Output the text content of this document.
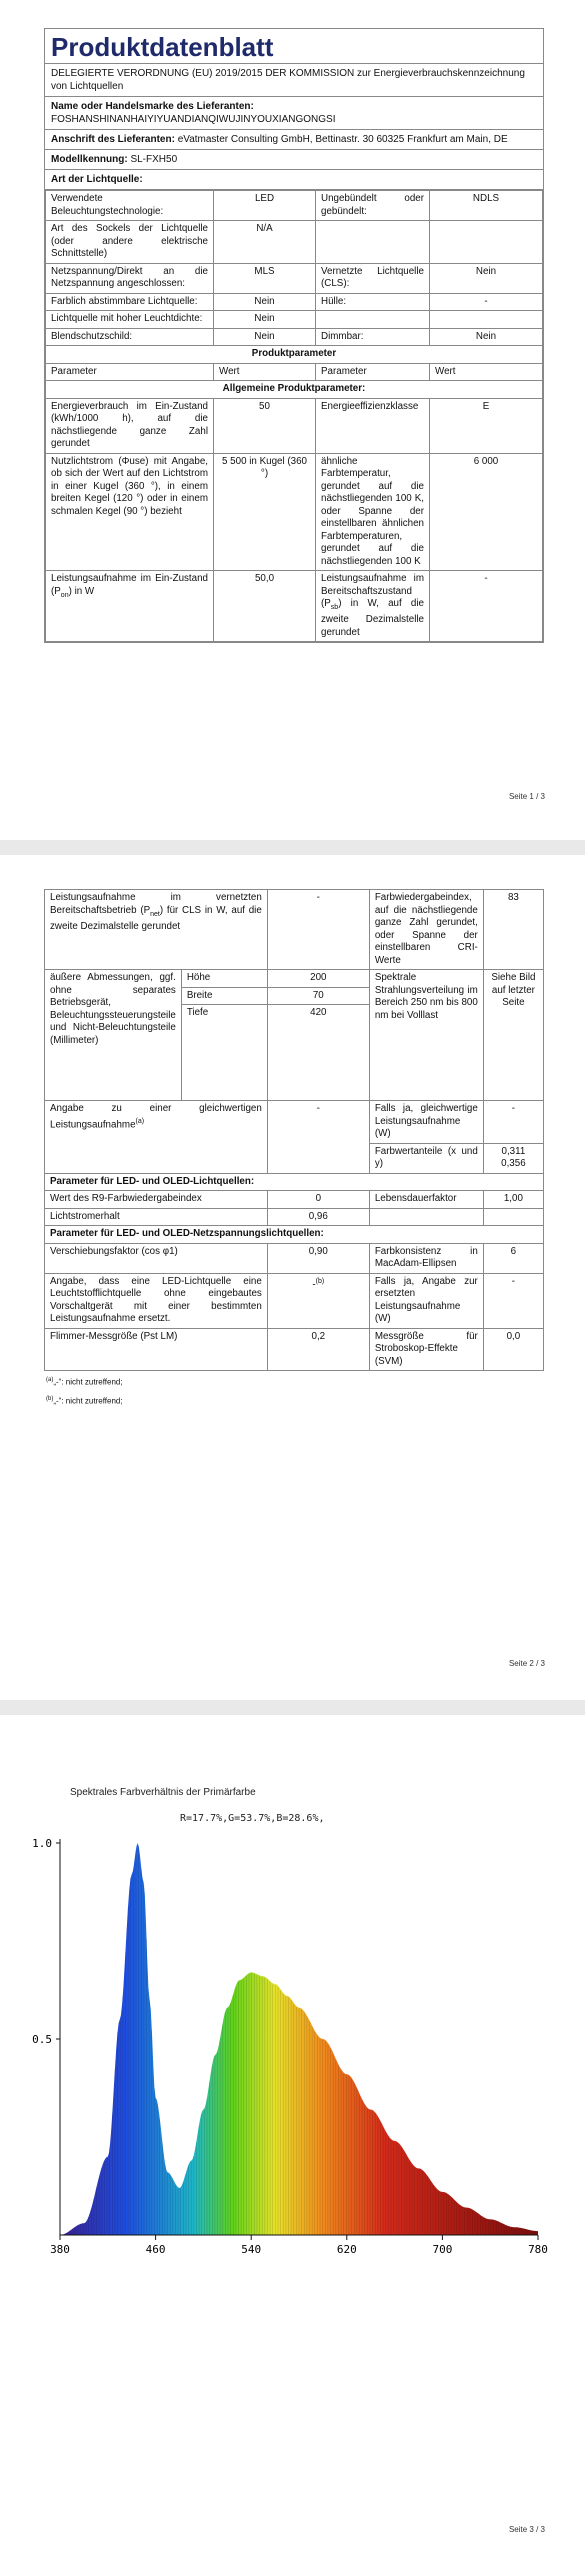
Produktdatenblatt
DELEGIERTE VERORDNUNG (EU) 2019/2015 DER KOMMISSION zur Energieverbrauchskennzeichnung von Lichtquellen
Name oder Handelsmarke des Lieferanten: FOSHANSHINANHAIYIYUANDIANQIWUJINYOUXIANGONGSI
Anschrift des Lieferanten: eVatmaster Consulting GmbH, Bettinastr. 30 60325 Frankfurt am Main, DE
Modellkennung: SL-FXH50
Art der Lichtquelle:
Verwendete Beleuchtungstechnologie:	LED	Ungebündelt oder gebündelt:	NDLS
Art des Sockels der Lichtquelle (oder andere elektrische Schnittstelle)	N/A		
Netzspannung/Direkt an die Netzspannung angeschlossen:	MLS	Vernetzte Lichtquelle (CLS):	Nein
Farblich abstimmbare Lichtquelle:	Nein	Hülle:	-
Lichtquelle mit hoher Leuchtdichte:	Nein		
Blendschutzschild:	Nein	Dimmbar:	Nein
Produktparameter			
Parameter	Wert	Parameter	Wert
Allgemeine Produktparameter:			
Energieverbrauch im Ein-Zustand (kWh/1000 h), auf die nächstliegende ganze Zahl gerundet	50	Energieeffizienzklasse	E
Nutzlichtstrom (Φuse) mit Angabe, ob sich der Wert auf den Lichtstrom in einer Kugel (360 °), in einem breiten Kegel (120 °) oder in einem schmalen Kegel (90 °) bezieht	5 500 in Kugel (360 °)	ähnliche Farbtemperatur, gerundet auf die nächstliegenden 100 K, oder Spanne der einstellbaren ähnlichen Farbtemperaturen, gerundet auf die nächstliegenden 100 K	6 000
Leistungsaufnahme im Ein-Zustand $(P_{on})$ in W	50,0	Leistungsaufnahme im Bereitschaftszustand $(P_{sb})$ in W, auf die zweite Dezimalstelle gerundet	-
Seite 1 / 3
Leistungsaufnahme im vernetzten Bereitschaftsbetrieb $(P_{net})$ für CLS in W, auf die zweite Dezimalstelle gerundet		-	Farbwiedergabeindex, auf die nächstliegende ganze Zahl gerundet, oder Spanne der einstellbaren CRI-Werte	83
äußere Abmessungen, ggf. ohne separates Betriebsgerät, Beleuchtungssteuerungsteile und Nicht-Beleuchtungsteile (Millimeter)	Höhe	200	Spektrale Strahlungsverteilung im Bereich 250 nm bis 800 nm bei Volllast	Siehe Bild auf letzter Seite
	Breite	70		
	Tiefe	420		
Angabe zu einer gleichwertigen Leistungsaufnahme$^{(a)}$		-	Falls ja, gleichwertige Leistungsaufnahme (W)	-
			Farbwertanteile (x und y)	0,311
0,356

Parameter für LED- und OLED-Lichtquellen:				
Wert des R9-Farbwiedergabeindex		0	Lebensdauerfaktor	1,00
Lichtstromerhalt		0,96		
Parameter für LED- und OLED-Netzspannungslichtquellen:				
Verschiebungsfaktor (cos φ1)		0,90	Farbkonsistenz in MacAdam-Ellipsen	6
Angabe, dass eine LED-Lichtquelle eine Leuchtstofflichtquelle ohne eingebautes Vorschaltgerät mit einer bestimmten Leistungsaufnahme ersetzt.		-$^{(b)}$	Falls ja, Angabe zur ersetzten Leistungsaufnahme (W)	-
Flimmer-Messgröße (Pst LM)		0,2	Messgröße für Stroboskop-Effekte (SVM)	0,0
$^{(a)}$„-“: nicht zutreffend;
$^{(b)}$„-“: nicht zutreffend;
Seite 2 / 3
Spektrales Farbverhältnis der Primärfarbe
R=17.7%,G=53.7%,B=28.6%,
380	460	540	620	700	780
1.0
0.5
Seite 3 / 3
